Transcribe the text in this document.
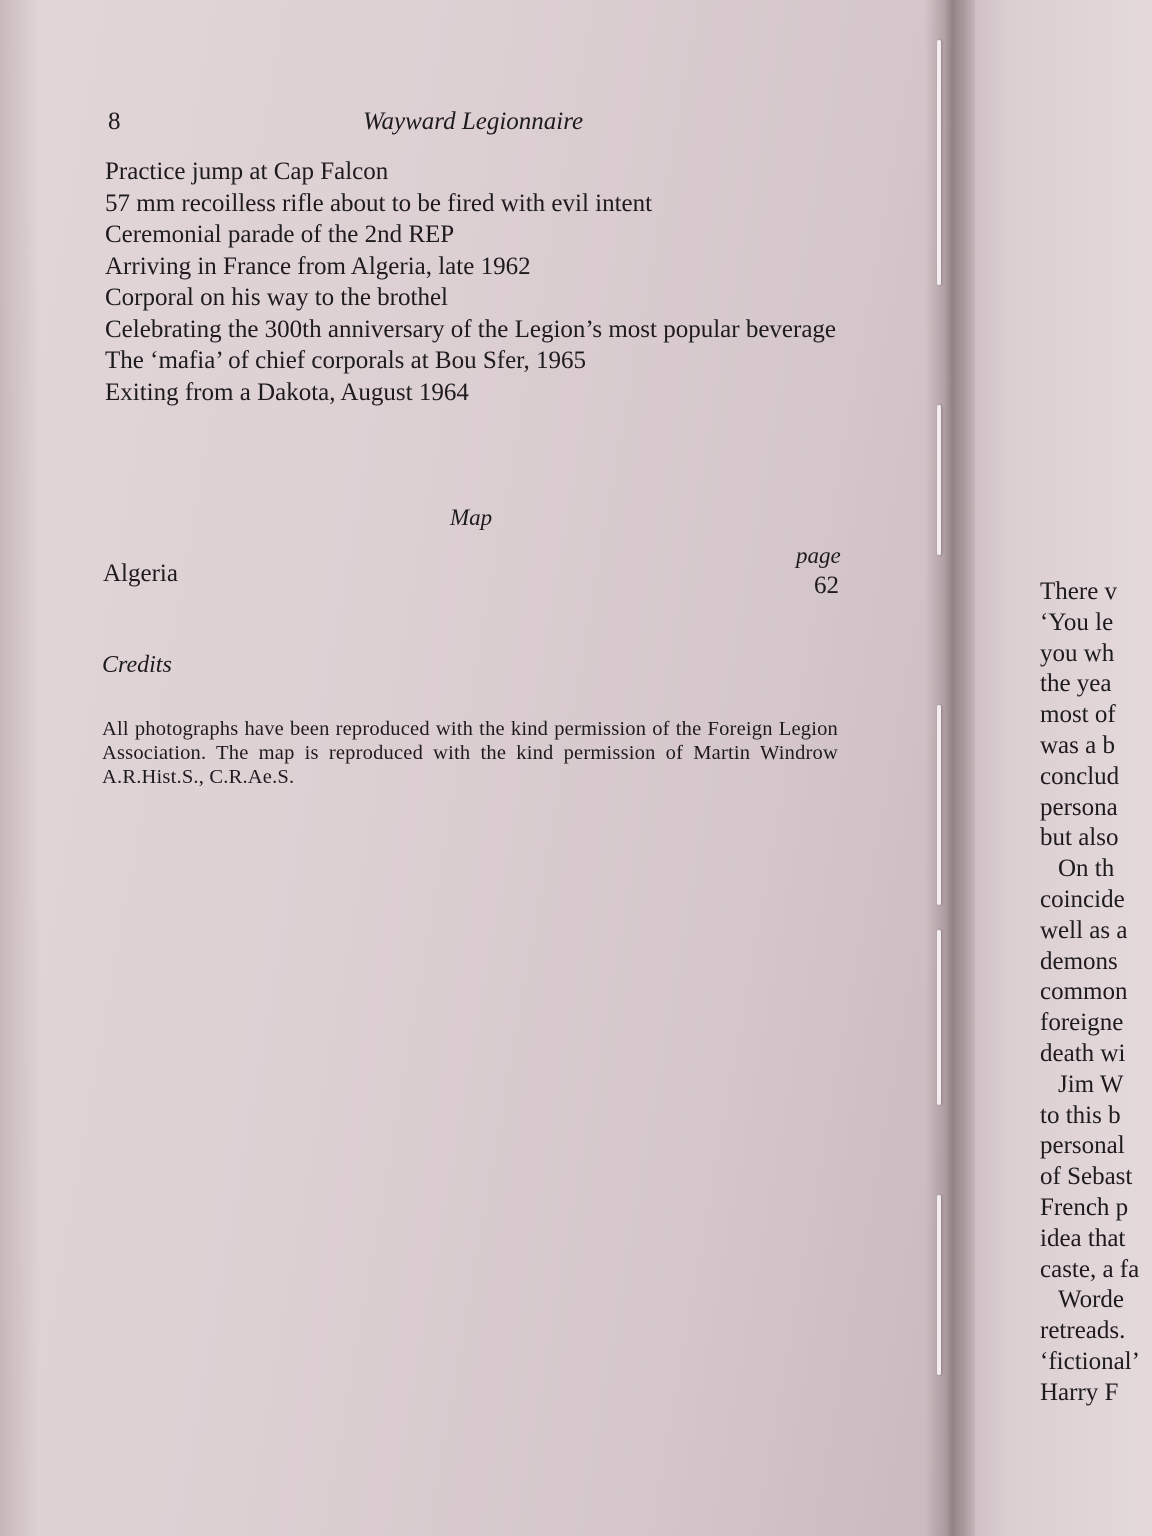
8	Wayward Legionnaire
Practice jump at Cap Falcon
57 mm recoilless rifle about to be fired with evil intent
Ceremonial parade of the 2nd REP
Arriving in France from Algeria, late 1962
Corporal on his way to the brothel
Celebrating the 300th anniversary of the Legion’s most popular beverage
The ‘mafia’ of chief corporals at Bou Sfer, 1965
Exiting from a Dakota, August 1964
Map
page
Algeria	62
Credits

All photographs have been reproduced with the kind permission of the Foreign Legion Association. The map is reproduced with the kind permission of Martin Windrow A.R.Hist.S., C.R.Ae.S.

There v
‘You le
you wh
the yea
most of
was a b
conclud
persona
but also
On th
coincide
well as a
demons
common
foreigne
death wi
Jim W
to this b
personal
of Sebast
French p
idea that
caste, a fa
Worde
retreads.
‘fictional’
Harry F
